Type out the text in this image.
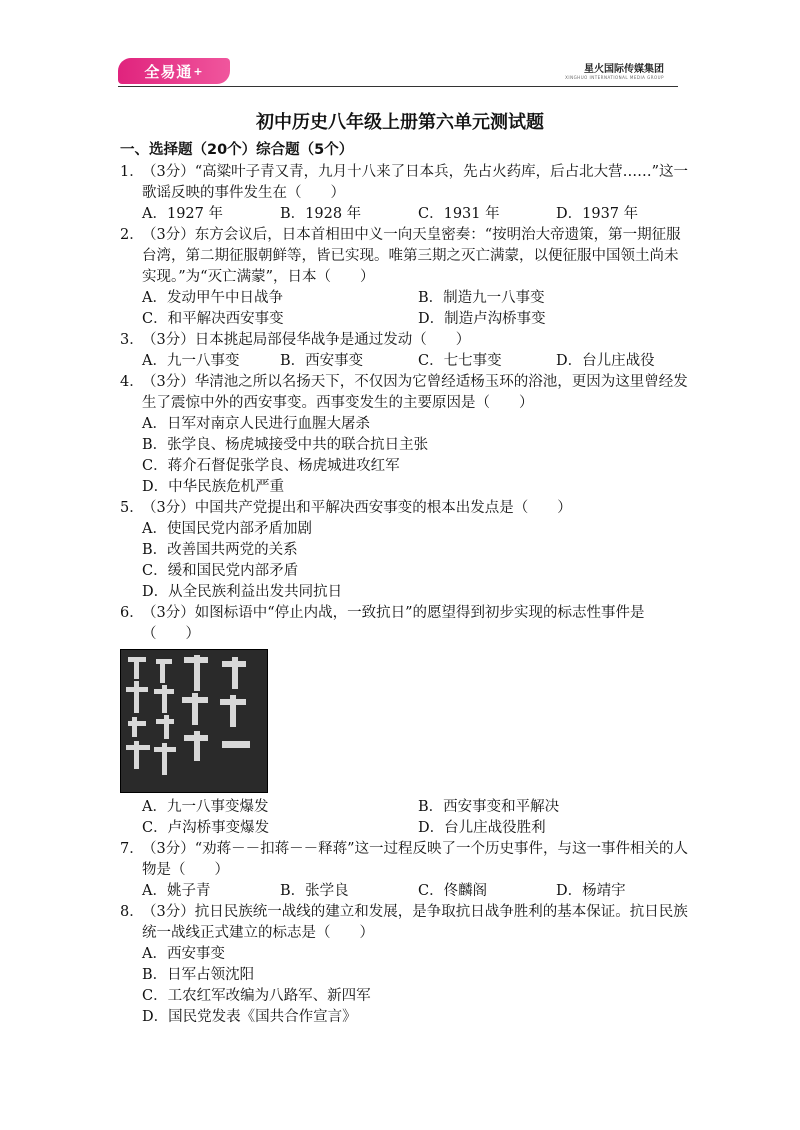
全易通 +	星火国际传媒集团
XINGHUO INTERNATIONAL MEDIA GROUP
初中历史八年级上册第六单元测试题
一、选择题（20个）综合题（5个）
1．
（3分）“高粱叶子青又青，九月十八来了日本兵，先占火药库，后占北大营……”这一歌谣反映的事件发生在（　　）
A．1927 年	B．1928 年	C．1931 年	D．1937 年
2．
（3分）东方会议后，日本首相田中义一向天皇密奏：“按明治大帝遗策，第一期征服台湾，第二期征服朝鲜等，皆已实现。唯第三期之灭亡满蒙，以便征服中国领土尚未实现。”为“灭亡满蒙”，日本（　　）
A．发动甲午中日战争	B．制造九一八事变
C．和平解决西安事变	D．制造卢沟桥事变
3．
（3分）日本挑起局部侵华战争是通过发动（　　）
A．九一八事变	B．西安事变	C．七七事变	D．台儿庄战役
4．
（3分）华清池之所以名扬天下，不仅因为它曾经适杨玉环的浴池，更因为这里曾经发生了震惊中外的西安事变。西事变发生的主要原因是（　　）
A．日军对南京人民进行血腥大屠杀
B．张学良、杨虎城接受中共的联合抗日主张
C．蒋介石督促张学良、杨虎城进攻红军
D．中华民族危机严重
5．
（3分）中国共产党提出和平解决西安事变的根本出发点是（　　）
A．使国民党内部矛盾加剧
B．改善国共两党的关系
C．缓和国民党内部矛盾
D．从全民族利益出发共同抗日
6．
（3分）如图标语中“停止内战，一致抗日”的愿望得到初步实现的标志性事件是（　　）
A．九一八事变爆发	B．西安事变和平解决
C．卢沟桥事变爆发	D．台儿庄战役胜利
7．
（3分）“劝蒋－－扣蒋－－释蒋”这一过程反映了一个历史事件，与这一事件相关的人物是（　　）
A．姚子青	B．张学良	C．佟麟阁	D．杨靖宇
8．
（3分）抗日民族统一战线的建立和发展，是争取抗日战争胜利的基本保证。抗日民族统一战线正式建立的标志是（　　）
A．西安事变
B．日军占领沈阳
C．工农红军改编为八路军、新四军
D．国民党发表《国共合作宣言》
